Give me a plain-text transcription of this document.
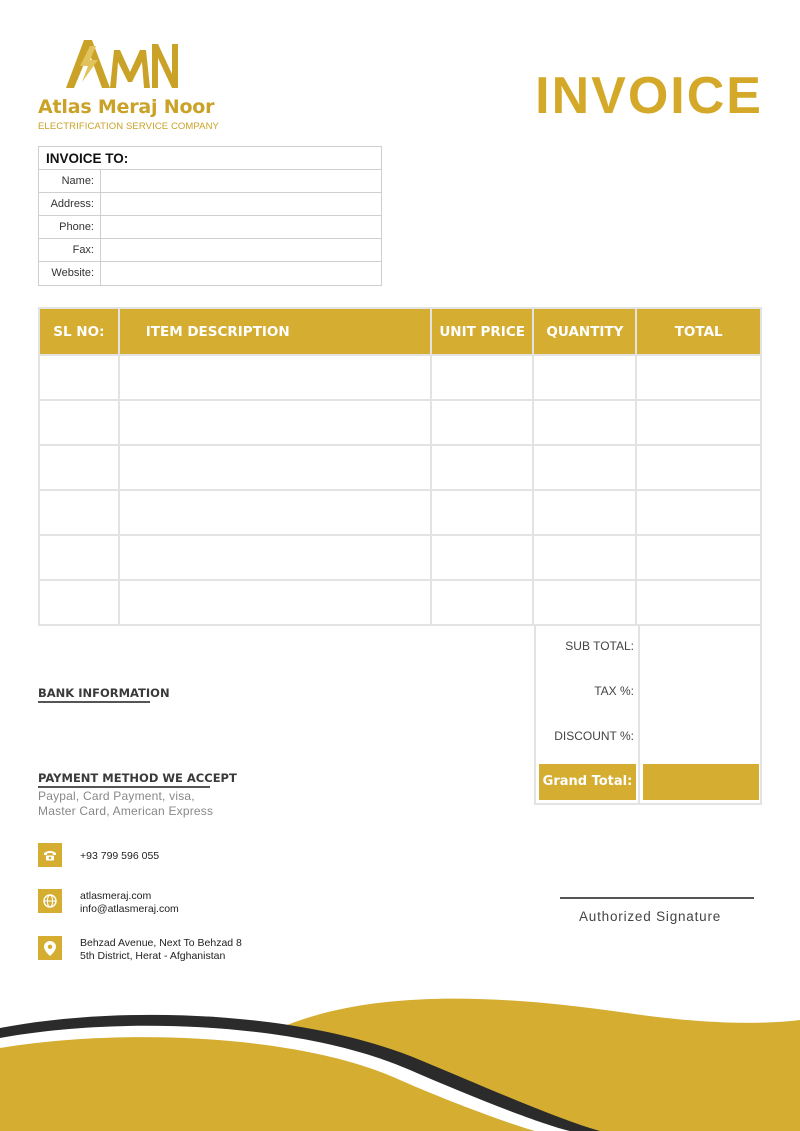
Atlas Meraj Noor
ELECTRIFICATION SERVICE COMPANY
INVOICE
INVOICE TO:
Name:
Address:
Phone:
Fax:
Website:
SL NO:	ITEM DESCRIPTION	UNIT PRICE	QUANTITY	TOTAL

SUB TOTAL:
TAX %:
DISCOUNT %:
Grand Total:
BANK INFORMATION
PAYMENT METHOD WE ACCEPT
Paypal, Card Payment, visa,
Master Card, American Express
+93 799 596 055
atlasmeraj.com
info@atlasmeraj.com
Behzad Avenue, Next To Behzad 8
5th District, Herat - Afghanistan
Authorized Signature
